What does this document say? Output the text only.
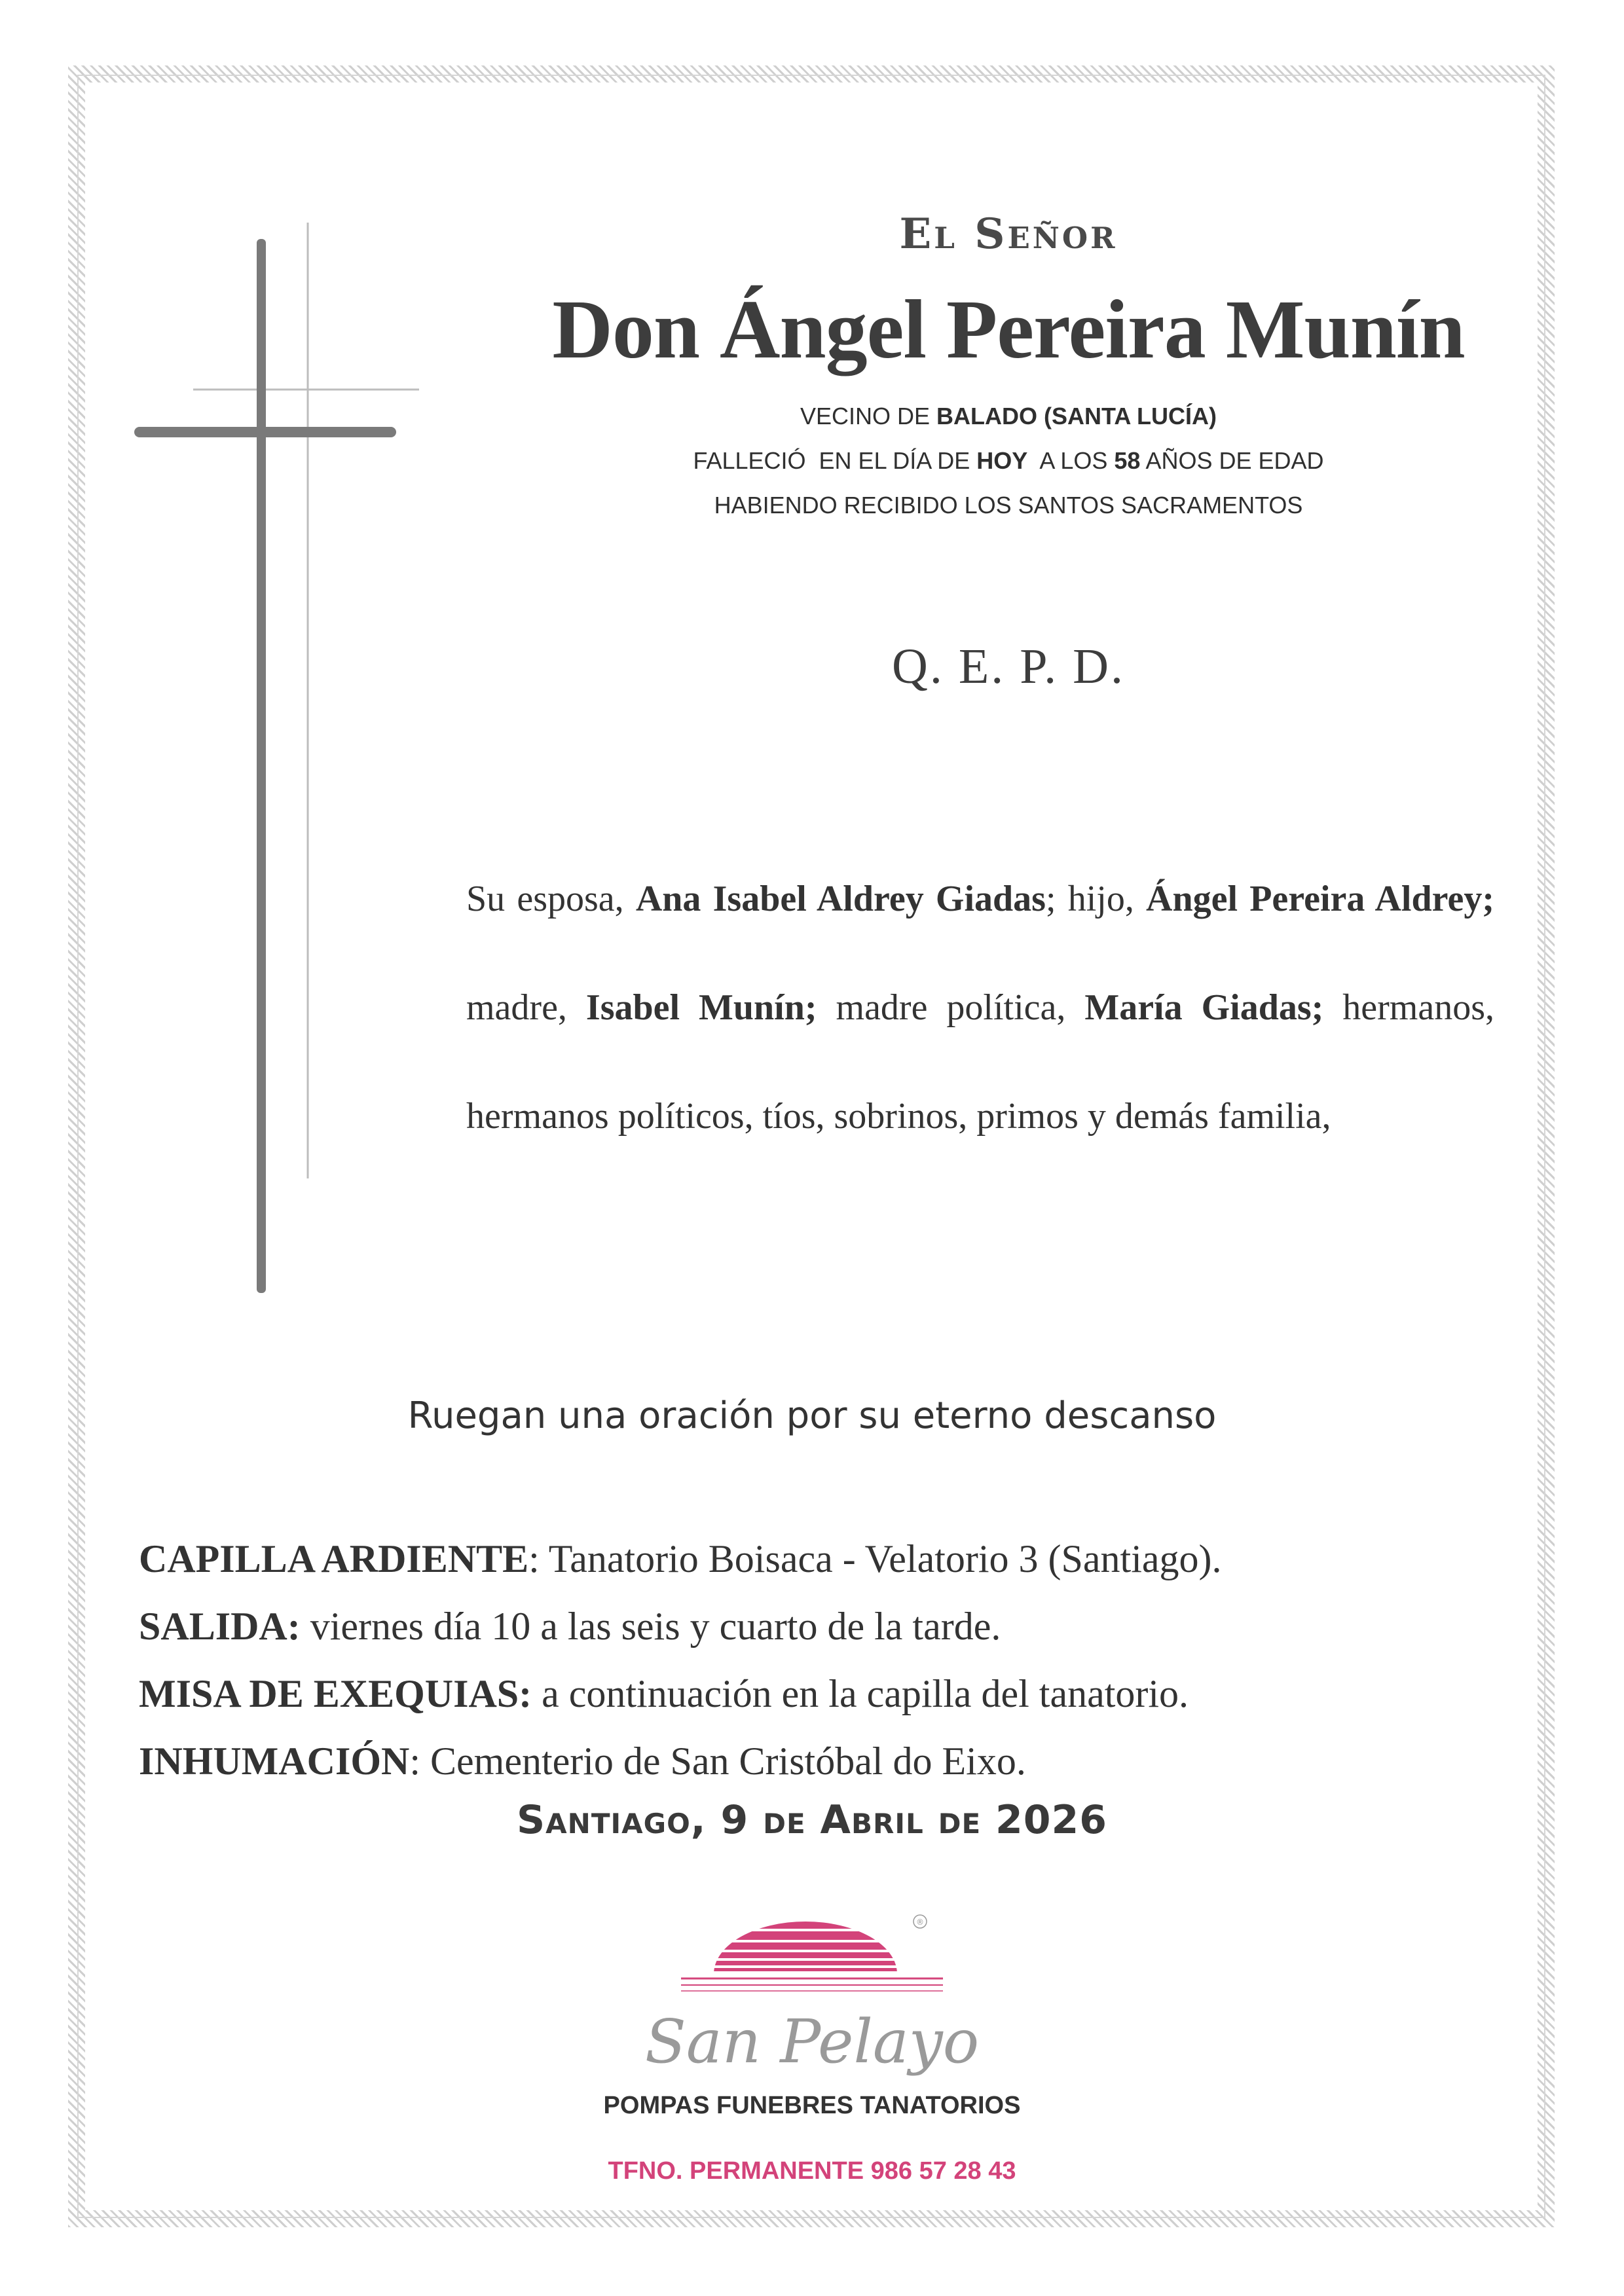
El Señor
Don Ángel Pereira Munín
VECINO DE BALADO (SANTA LUCÍA)
FALLECIÓ  EN EL DÍA DE HOY  A LOS 58 AÑOS DE EDAD
HABIENDO RECIBIDO LOS SANTOS SACRAMENTOS
Q. E. P. D.
Su esposa, Ana Isabel Aldrey Giadas; hijo, Ángel Pereira Aldrey; madre, Isabel Munín; madre política, María Giadas; hermanos, hermanos políticos, tíos, sobrinos, primos y demás familia,
Ruegan una oración por su eterno descanso
CAPILLA ARDIENTE: Tanatorio Boisaca - Velatorio 3 (Santiago).
SALIDA: viernes día 10 a las seis y cuarto de la tarde.
MISA DE EXEQUIAS: a continuación en la capilla del tanatorio.
INHUMACIÓN: Cementerio de San Cristóbal do Eixo.
Santiago, 9 de Abril de 2026
®
San Pelayo
POMPAS FUNEBRES TANATORIOS
TFNO. PERMANENTE 986 57 28 43
